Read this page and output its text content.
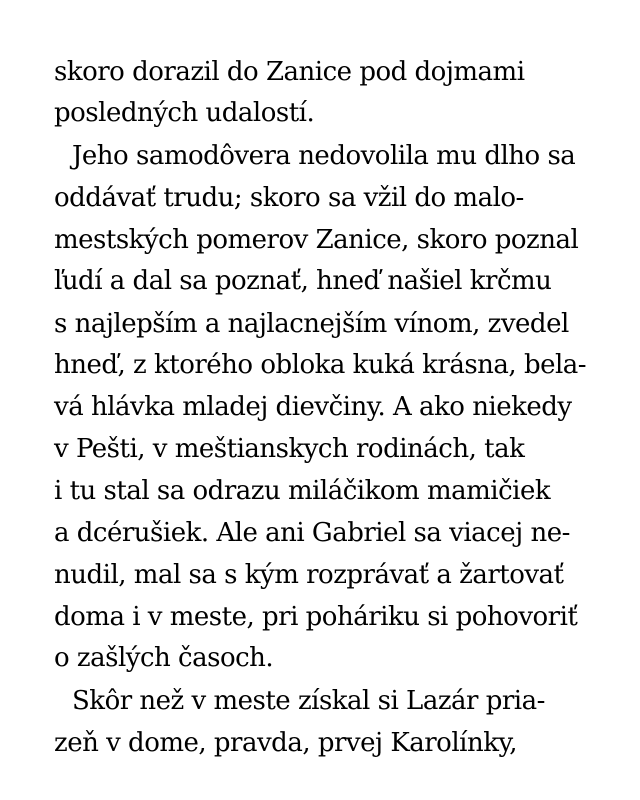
skoro dorazil do Zanice pod dojmami

posledných udalostí.

Jeho samodôvera nedovolila mu dlho sa

oddávať trudu; skoro sa vžil do malo-

mestských pomerov Zanice, skoro poznal

ľudí a dal sa poznať, hneď našiel krčmu

s najlepším a najlacnejším vínom, zvedel

hneď, z ktorého obloka kuká krásna, bela-

vá hlávka mladej dievčiny. A ako niekedy

v Pešti, v meštianskych rodinách, tak

i tu stal sa odrazu miláčikom mamičiek

a dcérušiek. Ale ani Gabriel sa viacej ne-

nudil, mal sa s kým rozprávať a žartovať

doma i v meste, pri poháriku si pohovoriť

o zašlých časoch.

Skôr než v meste získal si Lazár pria-

zeň v dome, pravda, prvej Karolínky,
